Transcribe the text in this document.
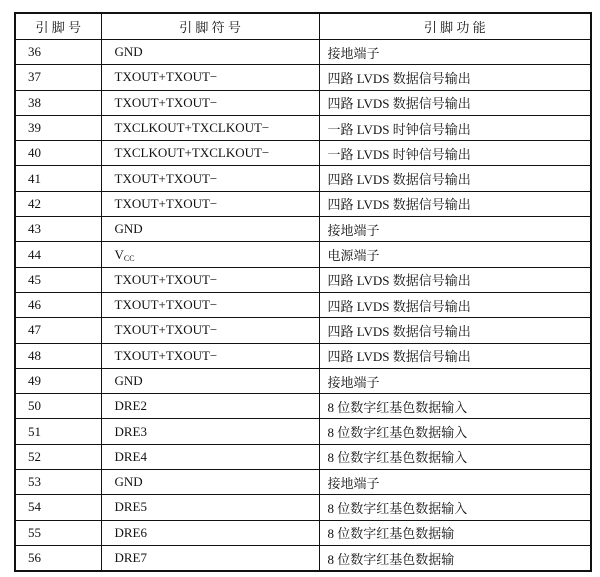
引 脚 号	引 脚 符 号	引 脚 功 能
36	GND	接地端子
37	TXOUT+TXOUT−	四路 LVDS 数据信号输出
38	TXOUT+TXOUT−	四路 LVDS 数据信号输出
39	TXCLKOUT+TXCLKOUT−	一路 LVDS 时钟信号输出
40	TXCLKOUT+TXCLKOUT−	一路 LVDS 时钟信号输出
41	TXOUT+TXOUT−	四路 LVDS 数据信号输出
42	TXOUT+TXOUT−	四路 LVDS 数据信号输出
43	GND	接地端子
44	$V_{CC}$	电源端子
45	TXOUT+TXOUT−	四路 LVDS 数据信号输出
46	TXOUT+TXOUT−	四路 LVDS 数据信号输出
47	TXOUT+TXOUT−	四路 LVDS 数据信号输出
48	TXOUT+TXOUT−	四路 LVDS 数据信号输出
49	GND	接地端子
50	DRE2	8 位数字红基色数据输入
51	DRE3	8 位数字红基色数据输入
52	DRE4	8 位数字红基色数据输入
53	GND	接地端子
54	DRE5	8 位数字红基色数据输入
55	DRE6	8 位数字红基色数据输
56	DRE7	8 位数字红基色数据输
